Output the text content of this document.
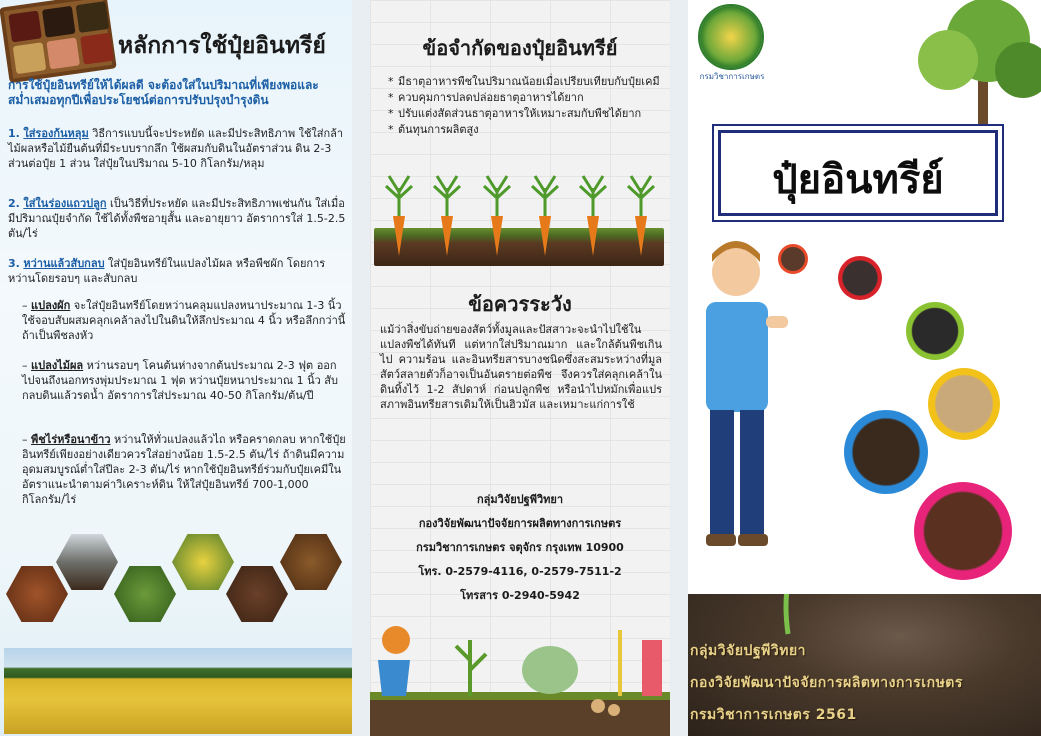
หลักการใช้ปุ๋ยอินทรีย์
การใช้ปุ๋ยอินทรีย์ให้ได้ผลดี จะต้องใส่ในปริมาณที่เพียงพอและสม่ำเสมอทุกปีเพื่อประโยชน์ต่อการปรับปรุงบำรุงดิน
1. ใส่รองก้นหลุม วิธีการแบบนี้จะประหยัด และมีประสิทธิภาพ ใช้ใส่กล้าไม้ผลหรือไม้ยืนต้นที่มีระบบรากลึก ใช้ผสมกับดินในอัตราส่วน ดิน 2-3 ส่วนต่อปุ๋ย 1 ส่วน ใส่ปุ๋ยในปริมาณ 5-10 กิโลกรัม/หลุม
2. ใส่ในร่องแถวปลูก เป็นวิธีที่ประหยัด และมีประสิทธิภาพเช่นกัน ใส่เมื่อมีปริมาณปุ๋ยจำกัด ใช้ได้ทั้งพืชอายุสั้น และอายุยาว อัตราการใส่ 1.5-2.5 ตัน/ไร่
3. หว่านแล้วสับกลบ ใส่ปุ๋ยอินทรีย์ในแปลงไม้ผล หรือพืชผัก โดยการหว่านโดยรอบๆ และสับกลบ
– แปลงผัก จะใส่ปุ๋ยอินทรีย์โดยหว่านคลุมแปลงหนาประมาณ 1-3 นิ้ว ใช้จอบสับผสมคลุกเคล้าลงไปในดินให้ลึกประมาณ 4 นิ้ว หรือลึกกว่านี้ถ้าเป็นพืชลงหัว
– แปลงไม้ผล หว่านรอบๆ โคนต้นห่างจากต้นประมาณ 2-3 ฟุต ออกไปจนถึงนอกทรงพุ่มประมาณ 1 ฟุต หว่านปุ๋ยหนาประมาณ 1 นิ้ว สับกลบดินแล้วรดน้ำ อัตราการใส่ประมาณ 40-50 กิโลกรัม/ต้น/ปี
– พืชไร่หรือนาข้าว หว่านให้ทั่วแปลงแล้วไถ หรือคราดกลบ หากใช้ปุ๋ยอินทรีย์เพียงอย่างเดียวควรใส่อย่างน้อย 1.5-2.5 ตัน/ไร่ ถ้าดินมีความอุดมสมบูรณ์ต่ำใส่ปีละ 2-3 ตัน/ไร่ หากใช้ปุ๋ยอินทรีย์ร่วมกับปุ๋ยเคมีในอัตราแนะนำตามค่าวิเคราะห์ดิน ให้ใส่ปุ๋ยอินทรีย์ 700-1,000 กิโลกรัม/ไร่
ข้อจำกัดของปุ๋ยอินทรีย์
* มีธาตุอาหารพืชในปริมาณน้อยเมื่อเปรียบเทียบกับปุ๋ยเคมี
* ควบคุมการปลดปล่อยธาตุอาหารได้ยาก
* ปรับแต่งสัดส่วนธาตุอาหารให้เหมาะสมกับพืชได้ยาก
* ต้นทุนการผลิตสูง
ข้อควรระวัง
แม้ว่าสิ่งขับถ่ายของสัตว์ทั้งมูลและปัสสาวะจะนำไปใช้ในแปลงพืชได้ทันที แต่หากใส่ปริมาณมาก และใกล้ต้นพืชเกินไป ความร้อน และอินทรียสารบางชนิดซึ่งสะสมระหว่างที่มูลสัตว์สลายตัวก็อาจเป็นอันตรายต่อพืช จึงควรใส่คลุกเคล้าในดินทิ้งไว้ 1-2 สัปดาห์ ก่อนปลูกพืช หรือนำไปหมักเพื่อแปรสภาพอินทรียสารเดิมให้เป็นฮิวมัส และเหมาะแก่การใช้
กลุ่มวิจัยปฐพีวิทยา
กองวิจัยพัฒนาปัจจัยการผลิตทางการเกษตร
กรมวิชาการเกษตร จตุจักร กรุงเทพ 10900
โทร. 0-2579-4116, 0-2579-7511-2
โทรสาร 0-2940-5942
กรมวิชาการเกษตร
ปุ๋ยอินทรีย์
กลุ่มวิจัยปฐพีวิทยา
กองวิจัยพัฒนาปัจจัยการผลิตทางการเกษตร
กรมวิชาการเกษตร 2561
